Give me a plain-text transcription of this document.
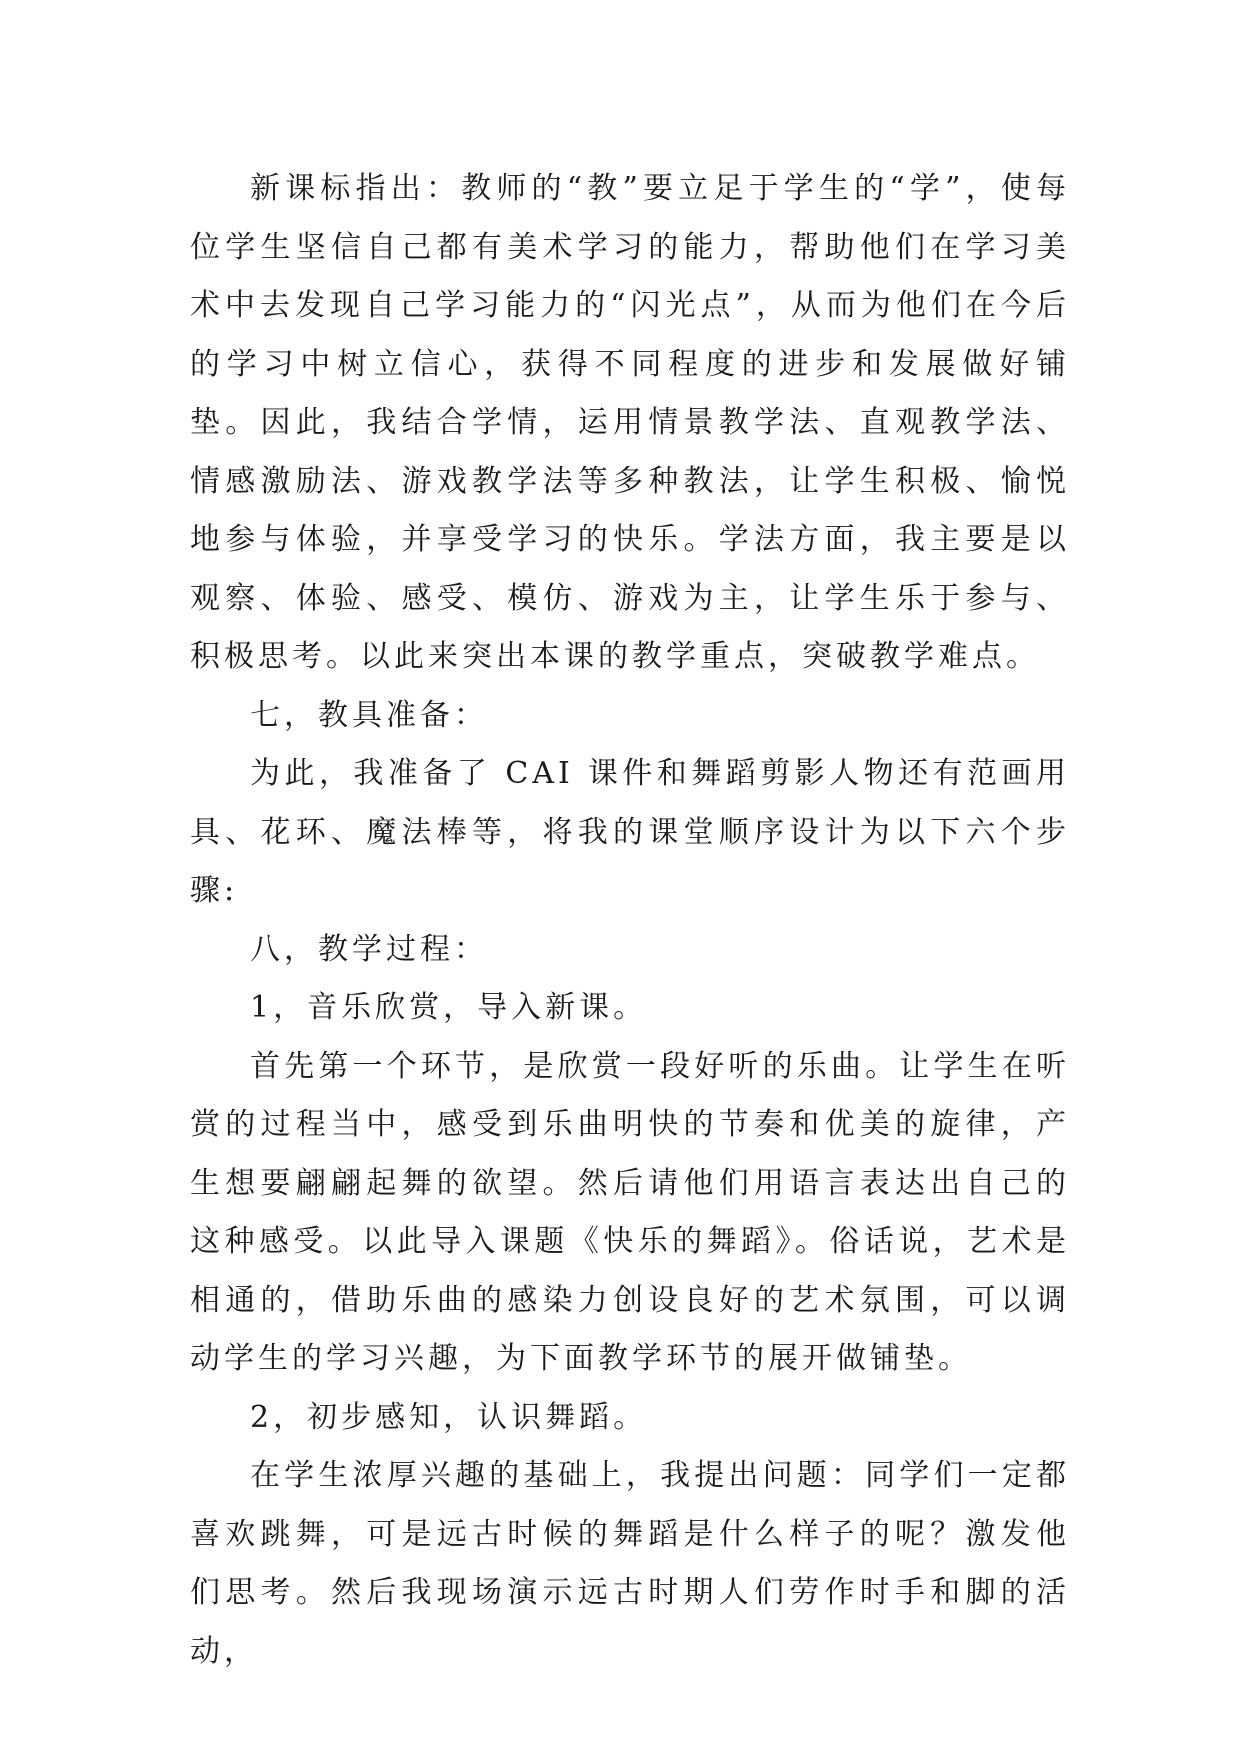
新课标指出：教师的“教”要立足于学生的“学”，使每位学生坚信自己都有美术学习的能力，帮助他们在学习美术中去发现自己学习能力的“闪光点”，从而为他们在今后的学习中树立信心，获得不同程度的进步和发展做好铺垫。因此，我结合学情，运用情景教学法、直观教学法、情感激励法、游戏教学法等多种教法，让学生积极、愉悦地参与体验，并享受学习的快乐。学法方面，我主要是以观察、体验、感受、模仿、游戏为主，让学生乐于参与、积极思考。以此来突出本课的教学重点，突破教学难点。

七，教具准备：

为此，我准备了 CAI 课件和舞蹈剪影人物还有范画用具、花环、魔法棒等，将我的课堂顺序设计为以下六个步骤:

八，教学过程：

1，音乐欣赏，导入新课。

首先第一个环节，是欣赏一段好听的乐曲。让学生在听赏的过程当中，感受到乐曲明快的节奏和优美的旋律，产生想要翩翩起舞的欲望。然后请他们用语言表达出自己的这种感受。以此导入课题《快乐的舞蹈》。俗话说，艺术是相通的，借助乐曲的感染力创设良好的艺术氛围，可以调动学生的学习兴趣，为下面教学环节的展开做铺垫。

2，初步感知，认识舞蹈。

在学生浓厚兴趣的基础上，我提出问题：同学们一定都喜欢跳舞，可是远古时候的舞蹈是什么样子的呢？激发他们思考。然后我现场演示远古时期人们劳作时手和脚的活动，
